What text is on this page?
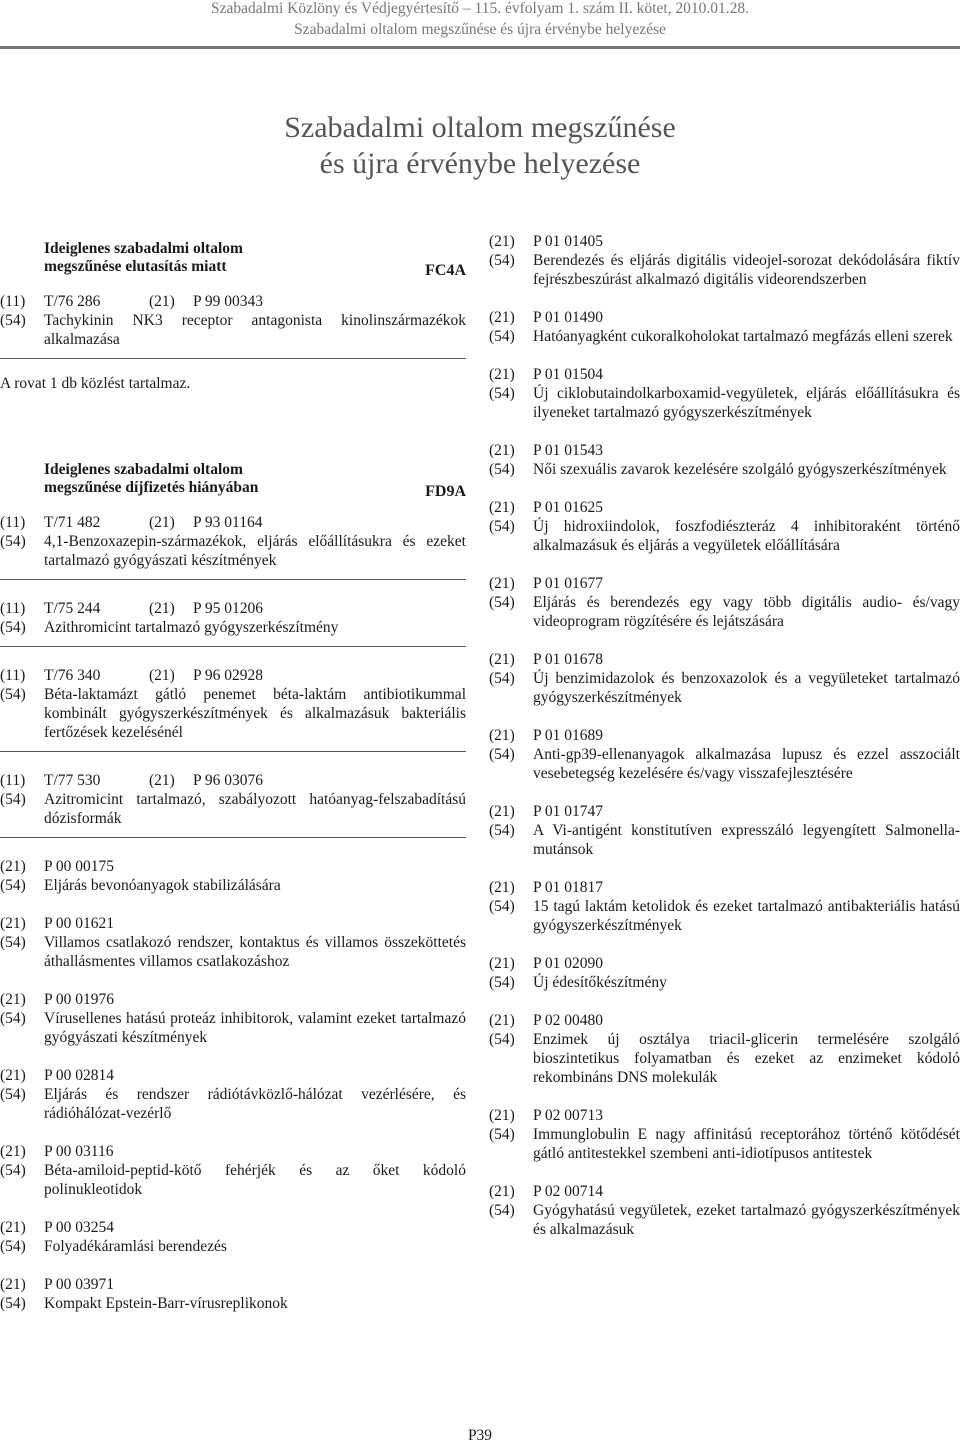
Szabadalmi Közlöny és Védjegyértesítő – 115. évfolyam 1. szám II. kötet, 2010.01.28.
Szabadalmi oltalom megszűnése és újra érvénybe helyezése
Szabadalmi oltalom megszűnése
és újra érvénybe helyezése
Ideiglenes szabadalmi oltalom
megszűnése elutasítás miatt	FC4A
(11)	T/76 286	(21)	P 99 00343
(54)	Tachykinin NK3 receptor antagonista kinolinszármazékok alkalmazása
A rovat 1 db közlést tartalmaz.
Ideiglenes szabadalmi oltalom
megszűnése díjfizetés hiányában	FD9A
(11)	T/71 482	(21)	P 93 01164
(54)	4,1-Benzoxazepin-származékok, eljárás előállításukra és ezeket tartalmazó gyógyászati készítmények
(11)	T/75 244	(21)	P 95 01206
(54)	Azithromicint tartalmazó gyógyszerkészítmény
(11)	T/76 340	(21)	P 96 02928
(54)	Béta-laktamázt gátló penemet béta-laktám antibiotikummal kombinált gyógyszerkészítmények és alkalmazásuk bakteriális fertőzések kezelésénél
(11)	T/77 530	(21)	P 96 03076
(54)	Azitromicint tartalmazó, szabályozott hatóanyag-felszabadítású dózisformák
(21)	P 00 00175
(54)	Eljárás bevonóanyagok stabilizálására
(21)	P 00 01621
(54)	Villamos csatlakozó rendszer, kontaktus és villamos összeköttetés áthallásmentes villamos csatlakozáshoz
(21)	P 00 01976
(54)	Vírusellenes hatású proteáz inhibitorok, valamint ezeket tartalmazó gyógyászati készítmények
(21)	P 00 02814
(54)	Eljárás és rendszer rádiótávközlő-hálózat vezérlésére, és rádióhálózat-vezérlő
(21)	P 00 03116
(54)	Béta-amiloid-peptid-kötő fehérjék és az őket kódoló polinukleotidok
(21)	P 00 03254
(54)	Folyadékáramlási berendezés
(21)	P 00 03971
(54)	Kompakt Epstein-Barr-vírusreplikonok
(21)	P 01 01405
(54)	Berendezés és eljárás digitális videojel-sorozat dekódolására fiktív fejrészbeszúrást alkalmazó digitális videorendszerben
(21)	P 01 01490
(54)	Hatóanyagként cukoralkoholokat tartalmazó megfázás elleni szerek
(21)	P 01 01504
(54)	Új ciklobutaindolkarboxamid-vegyületek, eljárás előállításukra és ilyeneket tartalmazó gyógyszerkészítmények
(21)	P 01 01543
(54)	Női szexuális zavarok kezelésére szolgáló gyógyszerkészítmények
(21)	P 01 01625
(54)	Új hidroxiindolok, foszfodiészteráz 4 inhibitoraként történő alkalmazásuk és eljárás a vegyületek előállítására
(21)	P 01 01677
(54)	Eljárás és berendezés egy vagy több digitális audio- és/vagy videoprogram rögzítésére és lejátszására
(21)	P 01 01678
(54)	Új benzimidazolok és benzoxazolok és a vegyületeket tartalmazó gyógyszerkészítmények
(21)	P 01 01689
(54)	Anti-gp39-ellenanyagok alkalmazása lupusz és ezzel asszociált vesebetegség kezelésére és/vagy visszafejlesztésére
(21)	P 01 01747
(54)	A Vi-antigént konstitutíven expresszáló legyengített Salmonella-mutánsok
(21)	P 01 01817
(54)	15 tagú laktám ketolidok és ezeket tartalmazó antibakteriális hatású gyógyszerkészítmények
(21)	P 01 02090
(54)	Új édesítőkészítmény
(21)	P 02 00480
(54)	Enzimek új osztálya triacil-glicerin termelésére szolgáló bioszintetikus folyamatban és ezeket az enzimeket kódoló rekombináns DNS molekulák
(21)	P 02 00713
(54)	Immunglobulin E nagy affinitású receptorához történő kötődését gátló antitestekkel szembeni anti-idiotípusos antitestek
(21)	P 02 00714
(54)	Gyógyhatású vegyületek, ezeket tartalmazó gyógyszerkészítmények és alkalmazásuk
P39
